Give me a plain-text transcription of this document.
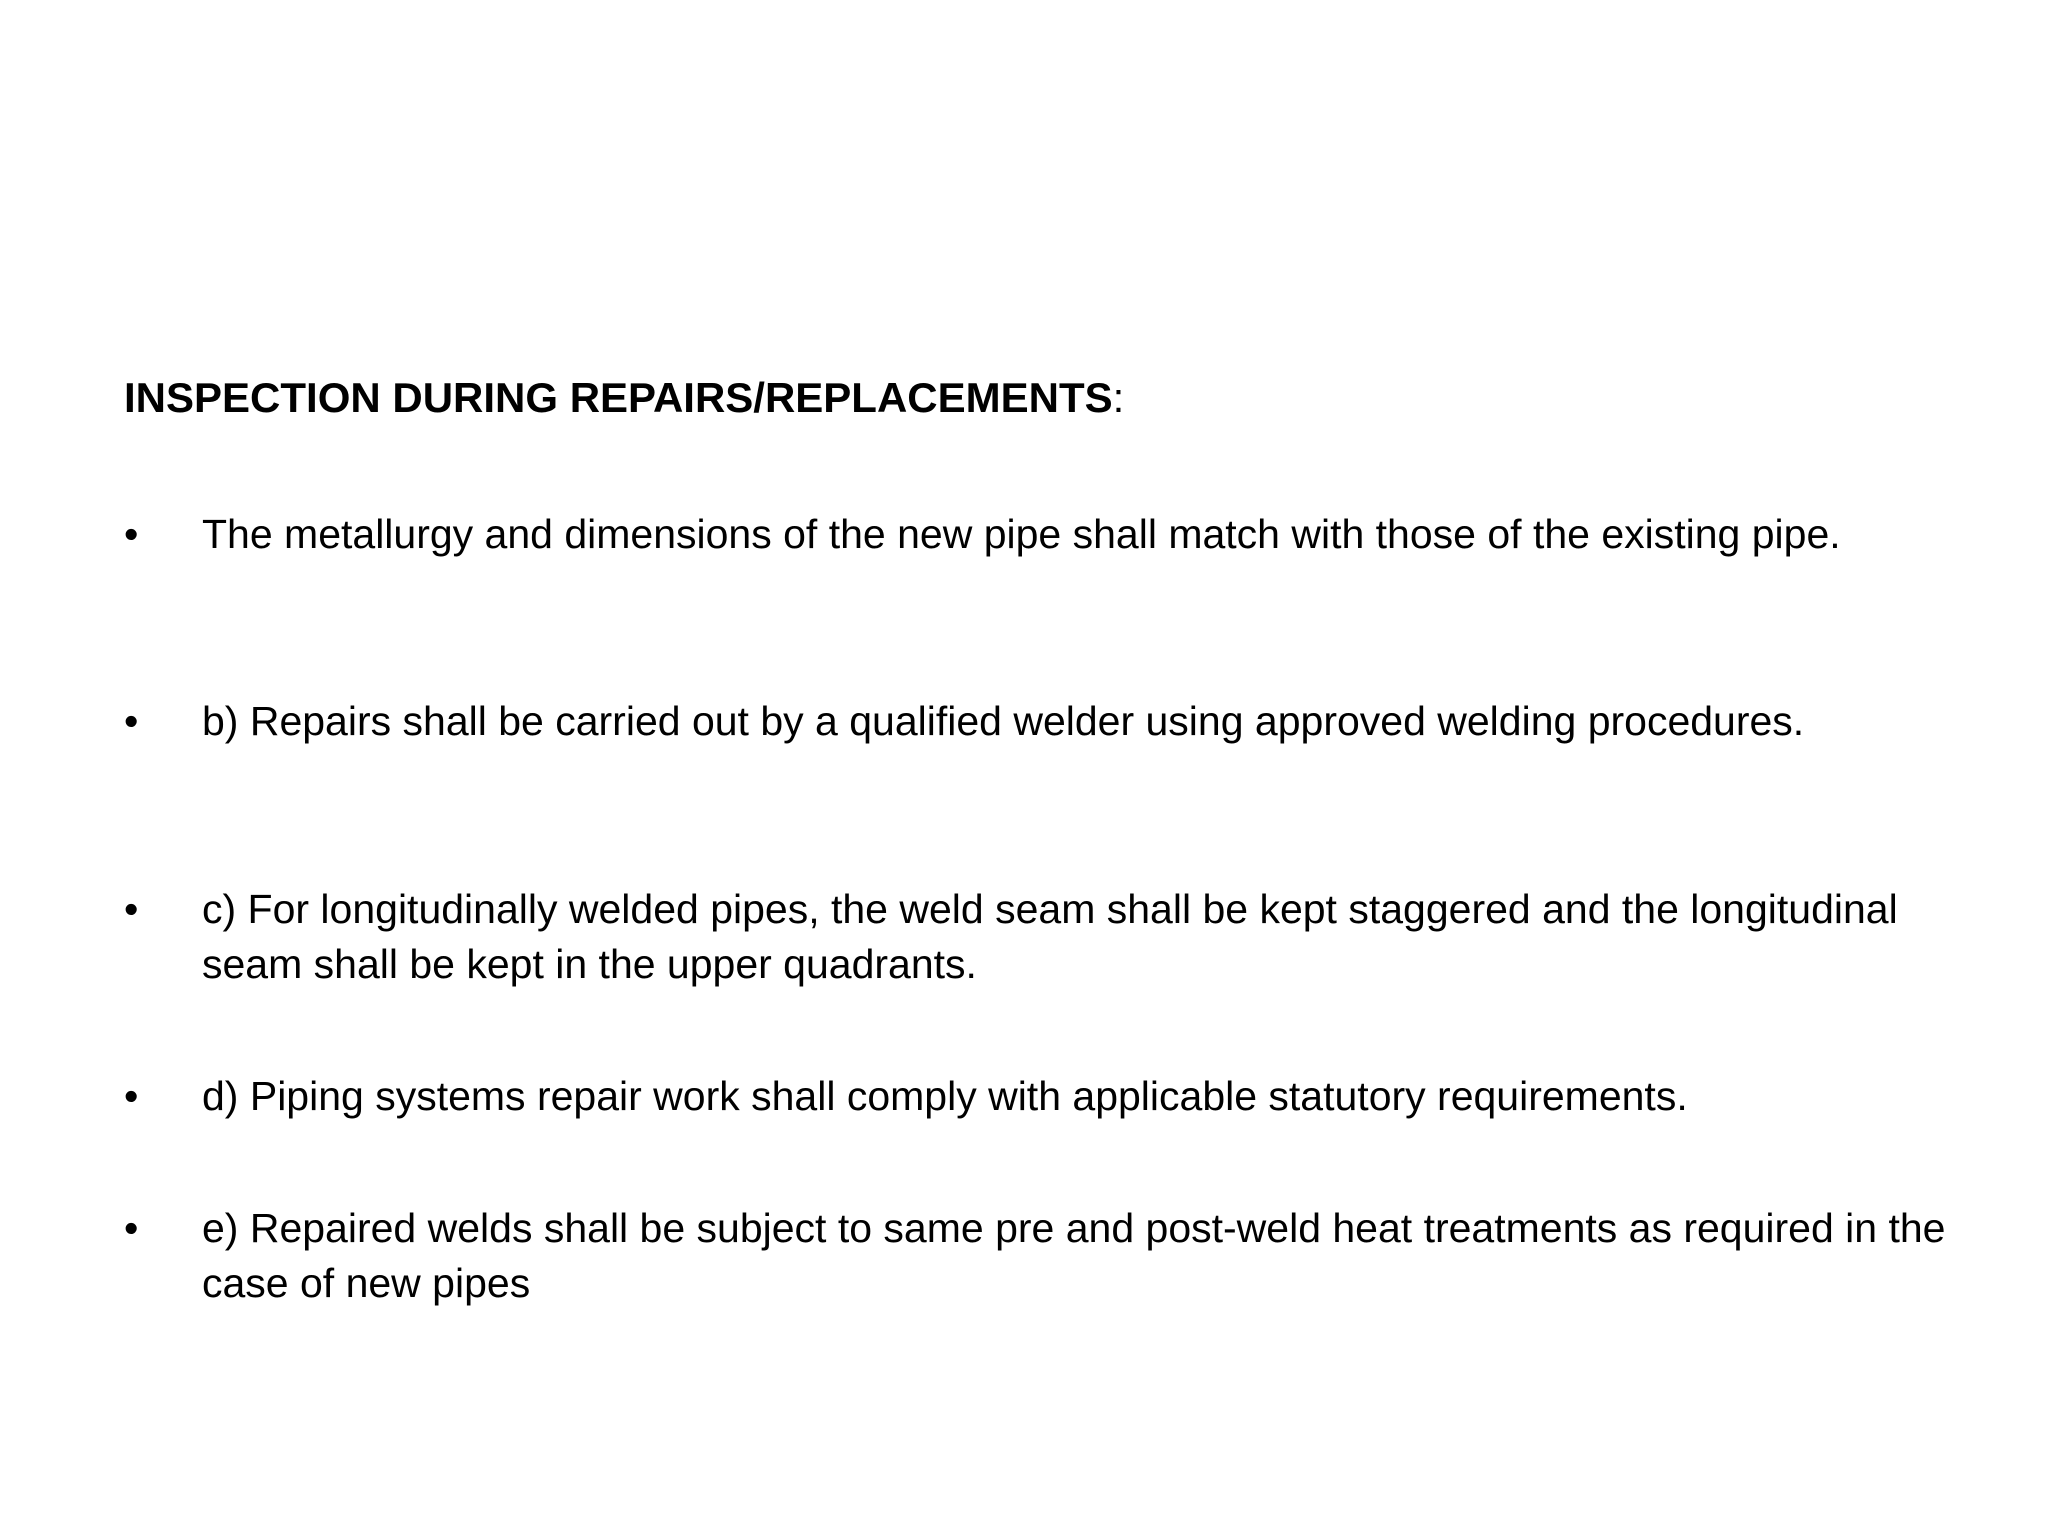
INSPECTION DURING REPAIRS/REPLACEMENTS:
•	The metallurgy and dimensions of the new pipe shall match with those of the existing pipe.
•	b) Repairs shall be carried out by a qualified welder using approved welding procedures.
•	c) For longitudinally welded pipes, the weld seam shall be kept staggered and the longitudinal seam shall be kept in the upper quadrants.
•	d) Piping systems repair work shall comply with applicable statutory requirements.
•	e) Repaired welds shall be subject to same pre and post-weld heat treatments as required in the case of new pipes
